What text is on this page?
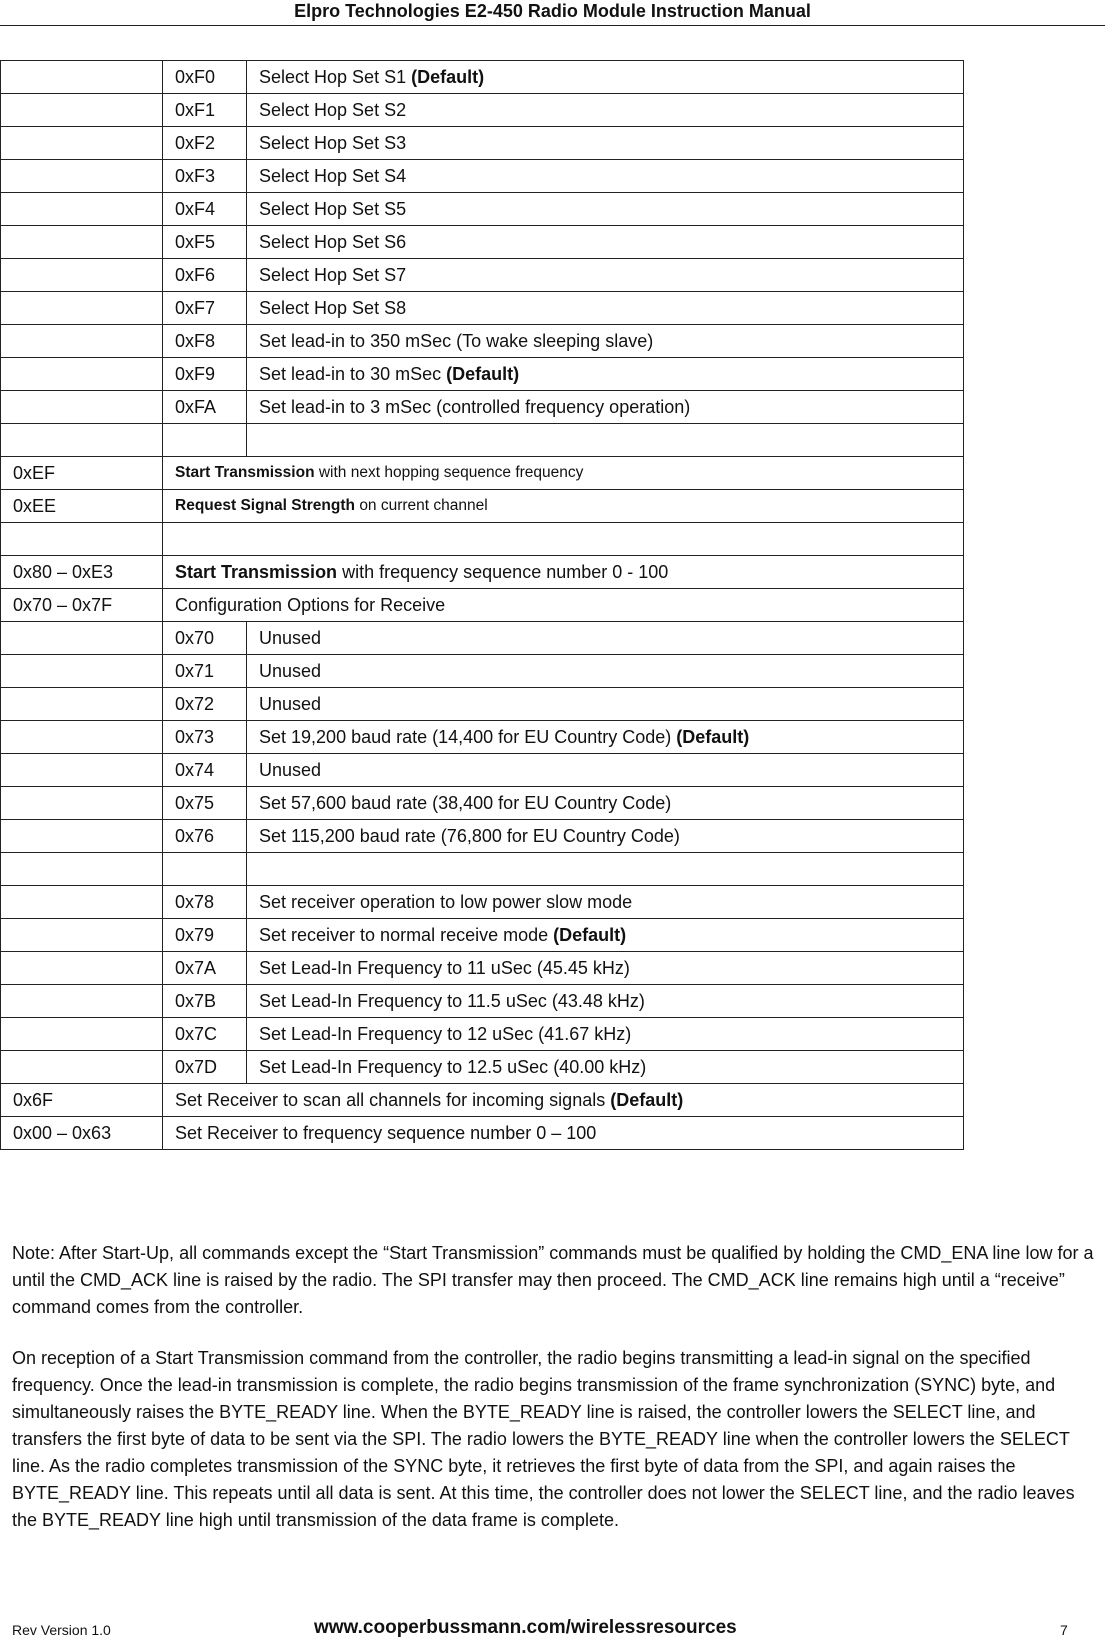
Elpro Technologies E2-450 Radio Module Instruction Manual
	0xF0	Select Hop Set S1 (Default)
	0xF1	Select Hop Set S2
	0xF2	Select Hop Set S3
	0xF3	Select Hop Set S4
	0xF4	Select Hop Set S5
	0xF5	Select Hop Set S6
	0xF6	Select Hop Set S7
	0xF7	Select Hop Set S8
	0xF8	Set lead-in to 350 mSec (To wake sleeping slave)
	0xF9	Set lead-in to 30 mSec (Default)
	0xFA	Set lead-in to 3 mSec (controlled frequency operation)

0xEF	Start Transmission with next hopping sequence frequency	
0xEE	Request Signal Strength on current channel	

0x80 – 0xE3	Start Transmission with frequency sequence number 0 - 100	
0x70 – 0x7F	Configuration Options for Receive	
	0x70	Unused
	0x71	Unused
	0x72	Unused
	0x73	Set 19,200 baud rate (14,400 for EU Country Code) (Default)
	0x74	Unused
	0x75	Set 57,600 baud rate (38,400 for EU Country Code)
	0x76	Set 115,200 baud rate (76,800 for EU Country Code)

	0x78	Set receiver operation to low power slow mode
	0x79	Set receiver to normal receive mode (Default)
	0x7A	Set Lead-In Frequency to 11 uSec (45.45 kHz)
	0x7B	Set Lead-In Frequency to 11.5 uSec (43.48 kHz)
	0x7C	Set Lead-In Frequency to 12 uSec (41.67 kHz)
	0x7D	Set Lead-In Frequency to 12.5 uSec (40.00 kHz)
0x6F	Set Receiver to scan all channels for incoming signals (Default)	
0x00 – 0x63	Set Receiver to frequency sequence number 0 – 100	

Note: After Start-Up, all commands except the “Start Transmission” commands must be qualified by holding the CMD_ENA line low for a until the CMD_ACK line is raised by the radio. The SPI transfer may then proceed. The CMD_ACK line remains high until a “receive” command comes from the controller.

On reception of a Start Transmission command from the controller, the radio begins transmitting a lead-in signal on the specified frequency. Once the lead-in transmission is complete, the radio begins transmission of the frame synchronization (SYNC) byte, and simultaneously raises the BYTE_READY line. When the BYTE_READY line is raised, the controller lowers the SELECT line, and transfers the first byte of data to be sent via the SPI. The radio lowers the BYTE_READY line when the controller lowers the SELECT line. As the radio completes transmission of the SYNC byte, it retrieves the first byte of data from the SPI, and again raises the BYTE_READY line. This repeats until all data is sent. At this time, the controller does not lower the SELECT line, and the radio leaves the BYTE_READY line high until transmission of the data frame is complete.

Rev Version 1.0	www.cooperbussmann.com/wirelessresources	7
